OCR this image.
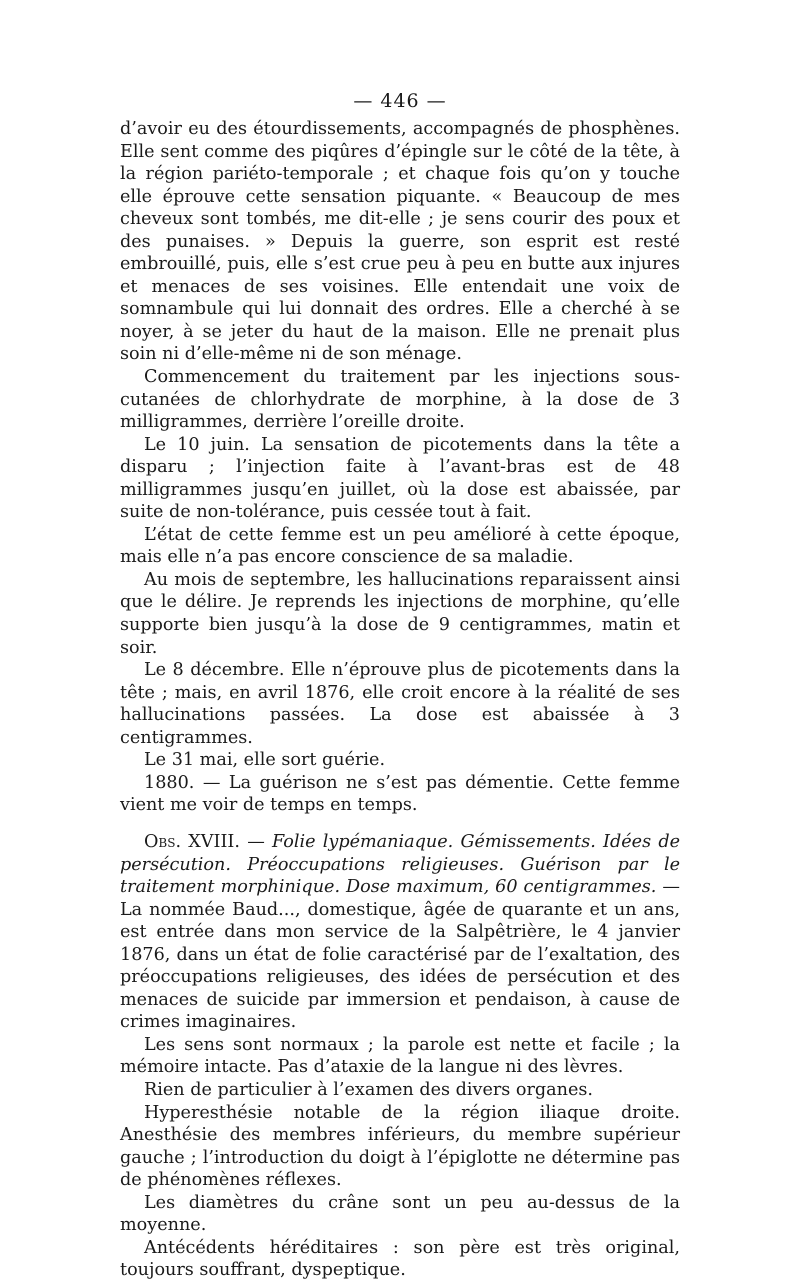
— 446 —

d’avoir eu des étourdissements, accompagnés de phosphènes. Elle sent comme des piqûres d’épingle sur le côté de la tête, à la région pariéto-temporale ; et chaque fois qu’on y touche elle éprouve cette sensation piquante. « Beaucoup de mes cheveux sont tombés, me dit-elle ; je sens courir des poux et des punaises. » Depuis la guerre, son esprit est resté embrouillé, puis, elle s’est crue peu à peu en butte aux injures et menaces de ses voisines. Elle entendait une voix de somnambule qui lui donnait des ordres. Elle a cherché à se noyer, à se jeter du haut de la maison. Elle ne prenait plus soin ni d’elle-même ni de son ménage.

Commencement du traitement par les injections sous-cutanées de chlorhydrate de morphine, à la dose de 3 milligrammes, derrière l’oreille droite.

Le 10 juin. La sensation de picotements dans la tête a disparu ; l’injection faite à l’avant-bras est de 48 milligrammes jusqu’en juillet, où la dose est abaissée, par suite de non-tolérance, puis cessée tout à fait.

L’état de cette femme est un peu amélioré à cette époque, mais elle n’a pas encore conscience de sa maladie.

Au mois de septembre, les hallucinations reparaissent ainsi que le délire. Je reprends les injections de morphine, qu’elle supporte bien jusqu’à la dose de 9 centigrammes, matin et soir.

Le 8 décembre. Elle n’éprouve plus de picotements dans la tête ; mais, en avril 1876, elle croit encore à la réalité de ses hallucinations passées. La dose est abaissée à 3 centigrammes.

Le 31 mai, elle sort guérie.

1880. — La guérison ne s’est pas démentie. Cette femme vient me voir de temps en temps.

Obs. XVIII. — Folie lypémaniaque. Gémissements. Idées de persécution. Préoccupations religieuses. Guérison par le traitement morphinique. Dose maximum, 60 centigrammes. — La nommée Baud..., domestique, âgée de quarante et un ans, est entrée dans mon service de la Salpêtrière, le 4 janvier 1876, dans un état de folie caractérisé par de l’exaltation, des préoccupations religieuses, des idées de persécution et des menaces de suicide par immersion et pendaison, à cause de crimes imaginaires.

Les sens sont normaux ; la parole est nette et facile ; la mémoire intacte. Pas d’ataxie de la langue ni des lèvres.

Rien de particulier à l’examen des divers organes.

Hyperesthésie notable de la région iliaque droite. Anesthésie des membres inférieurs, du membre supérieur gauche ; l’introduction du doigt à l’épiglotte ne détermine pas de phénomènes réflexes.

Les diamètres du crâne sont un peu au-dessus de la moyenne.

Antécédents héréditaires : son père est très original, toujours souffrant, dyspeptique.
